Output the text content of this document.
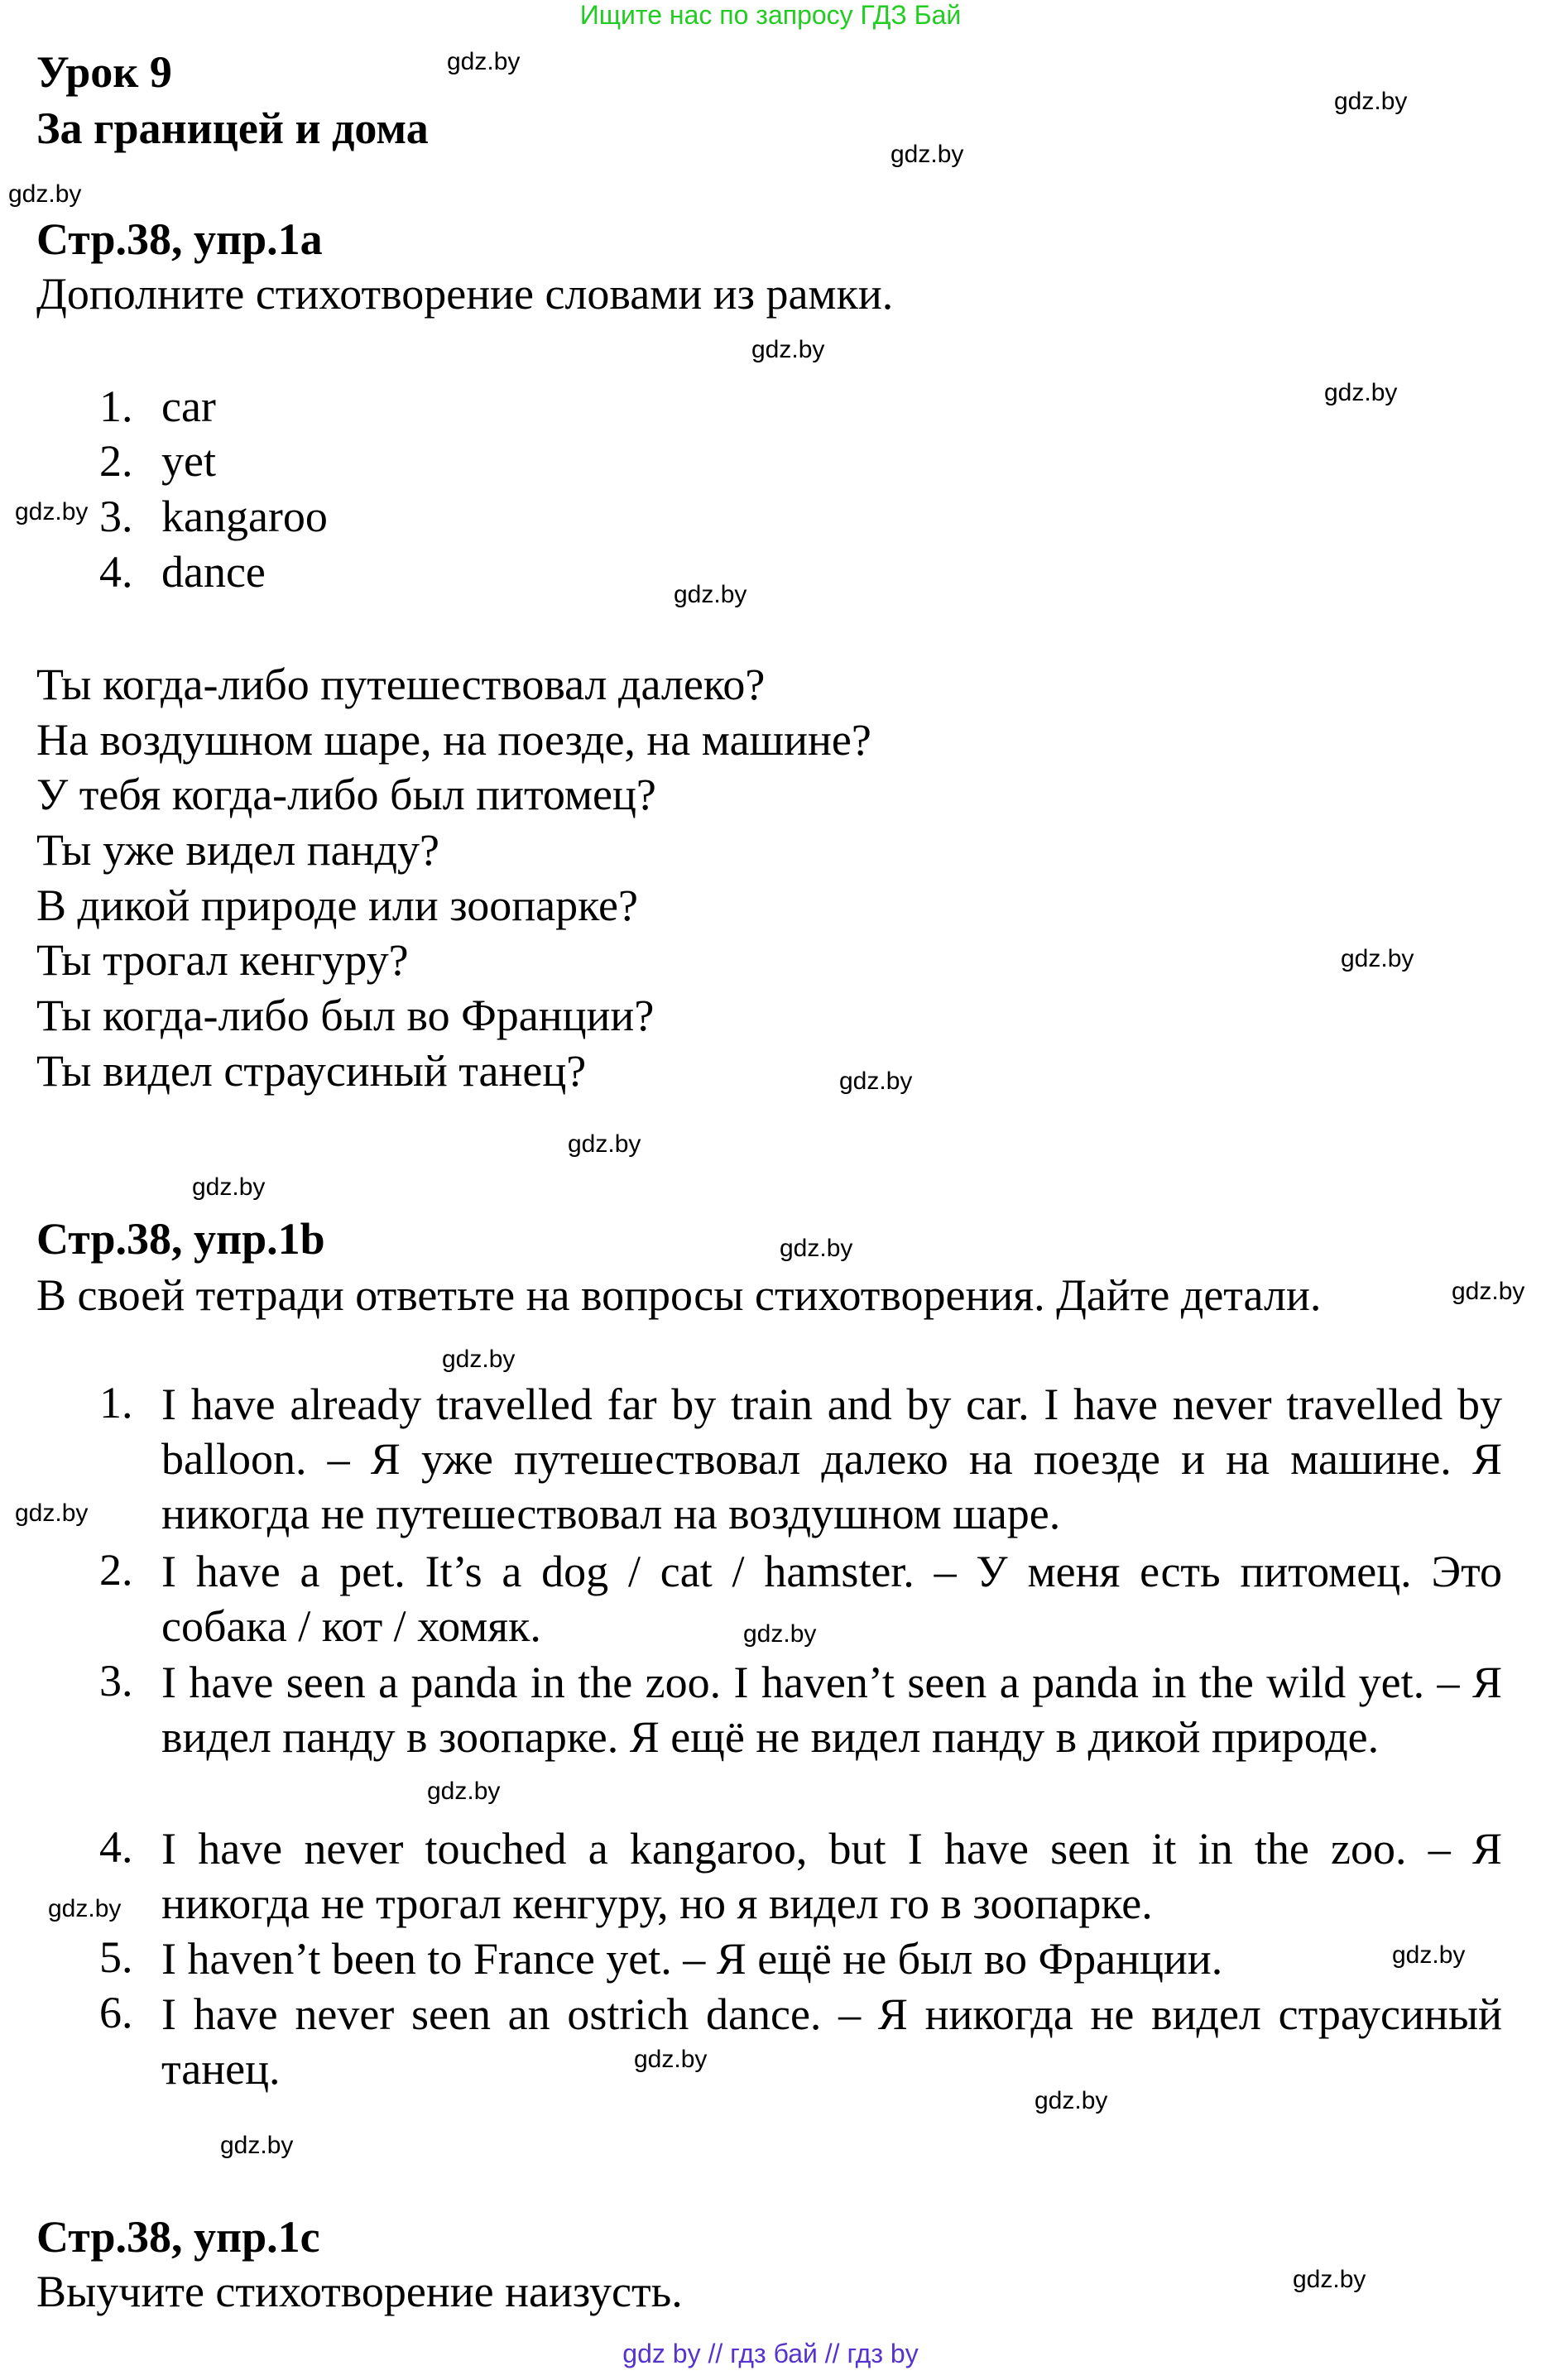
Ищите нас по запросу ГДЗ Бай
Урок 9
За границей и дома
Стр.38, упр.1a
Дополните стихотворение словами из рамки.
1. car
2. yet
3. kangaroo
4. dance
Ты когда-либо путешествовал далеко?
На воздушном шаре, на поезде, на машине?
У тебя когда-либо был питомец?
Ты уже видел панду?
В дикой природе или зоопарке?
Ты трогал кенгуру?
Ты когда-либо был во Франции?
Ты видел страусиный танец?
Стр.38, упр.1b
В своей тетради ответьте на вопросы стихотворения. Дайте детали.
1. I have already travelled far by train and by car. I have never travelled by balloon. – Я уже путешествовал далеко на поезде и на машине. Я никогда не путешествовал на воздушном шаре.
2. I have a pet. It’s a dog / cat / hamster. – У меня есть питомец. Это собака / кот / хомяк.
3. I have seen a panda in the zoo. I haven’t seen a panda in the wild yet. – Я видел панду в зоопарке. Я ещё не видел панду в дикой природе.
4. I have never touched a kangaroo, but I have seen it in the zoo. – Я никогда не трогал кенгуру, но я видел го в зоопарке.
5. I haven’t been to France yet. – Я ещё не был во Франции.
6. I have never seen an ostrich dance. – Я никогда не видел страусиный танец.
Стр.38, упр.1c
Выучите стихотворение наизусть.
gdz.by
gdz.by
gdz.by
gdz.by
gdz.by
gdz.by
gdz.by
gdz.by
gdz.by
gdz.by
gdz.by
gdz.by
gdz.by
gdz.by
gdz.by
gdz.by
gdz.by
gdz.by
gdz.by
gdz.by
gdz.by
gdz.by
gdz.by
gdz.by
gdz by // гдз бай // гдз by
